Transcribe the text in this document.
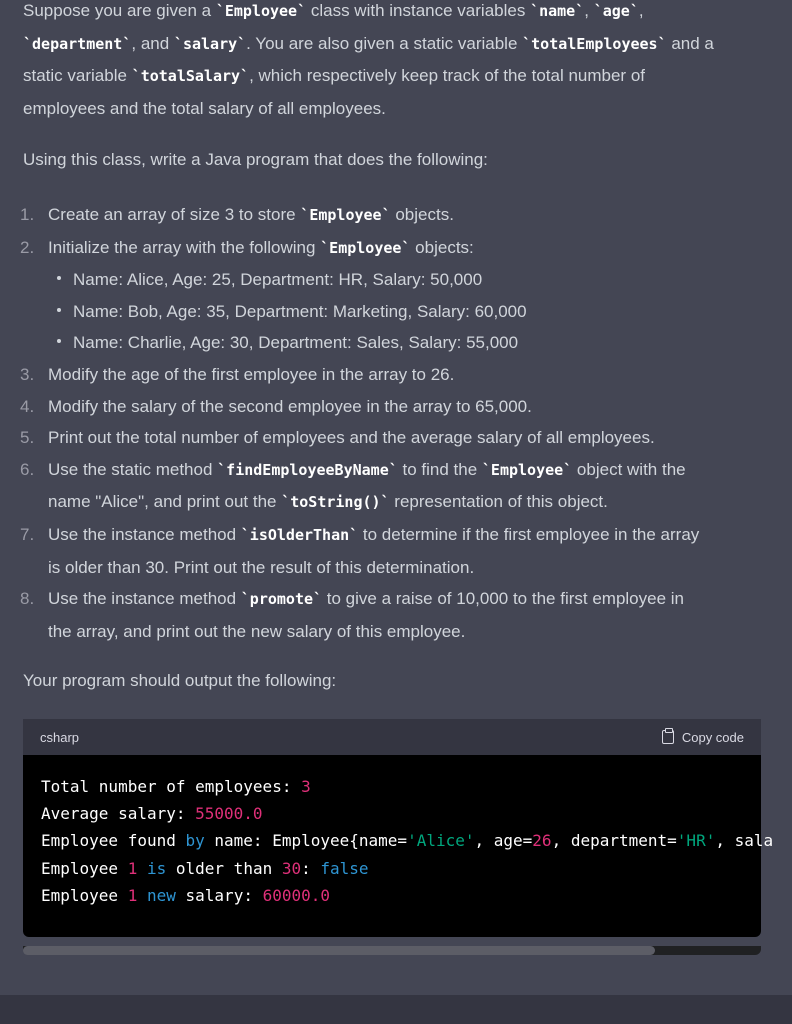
Suppose you are given a `Employee` class with instance variables `name`, `age`,
`department`, and `salary`. You are also given a static variable `totalEmployees` and a
static variable `totalSalary`, which respectively keep track of the total number of
employees and the total salary of all employees.

Using this class, write a Java program that does the following:

1. Create an array of size 3 to store `Employee` objects.
2. Initialize the array with the following `Employee` objects:
Name: Alice, Age: 25, Department: HR, Salary: 50,000
Name: Bob, Age: 35, Department: Marketing, Salary: 60,000
Name: Charlie, Age: 30, Department: Sales, Salary: 55,000
3. Modify the age of the first employee in the array to 26.
4. Modify the salary of the second employee in the array to 65,000.
5. Print out the total number of employees and the average salary of all employees.
6. Use the static method `findEmployeeByName` to find the `Employee` object with the
name "Alice", and print out the `toString()` representation of this object.
7. Use the instance method `isOlderThan` to determine if the first employee in the array
is older than 30. Print out the result of this determination.
8. Use the instance method `promote` to give a raise of 10,000 to the first employee in
the array, and print out the new salary of this employee.

Your program should output the following:

csharp	Copy code
Total number of employees: 3
Average salary: 55000.0
Employee found by name: Employee{name='Alice', age=26, department='HR', sala
Employee 1 is older than 30: false
Employee 1 new salary: 60000.0
